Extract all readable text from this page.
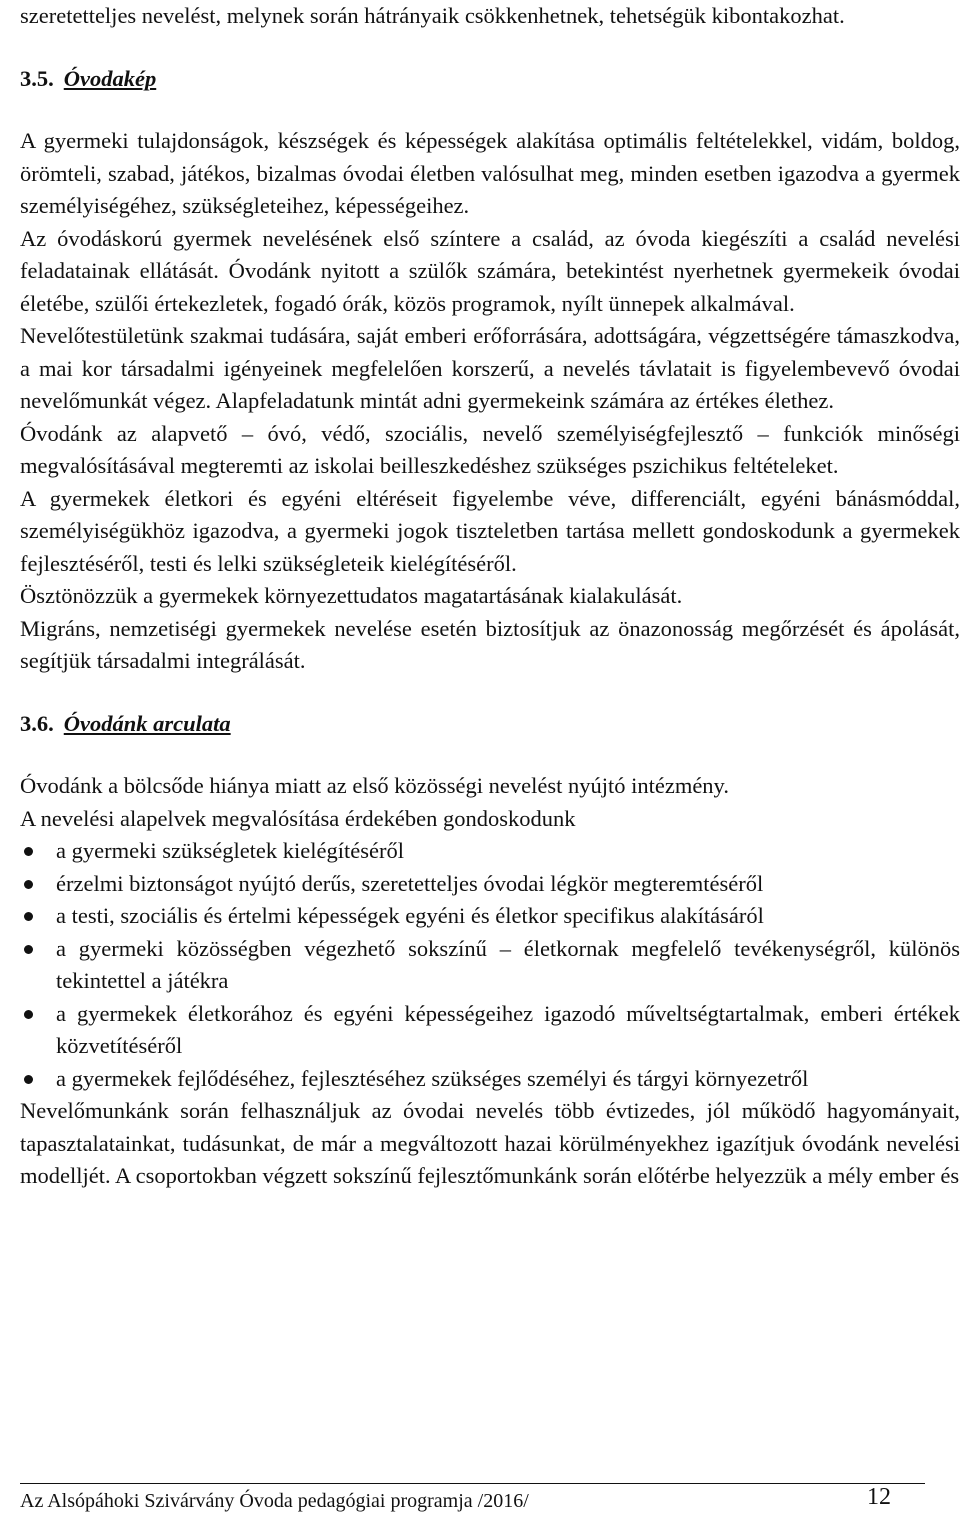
szeretetteljes nevelést, melynek során hátrányaik csökkenhetnek, tehetségük kibontakozhat.

3.5. Óvodakép

A gyermeki tulajdonságok, készségek és képességek alakítása optimális feltételekkel, vidám, boldog, örömteli, szabad, játékos, bizalmas óvodai életben valósulhat meg, minden esetben igazodva a gyermek személyiségéhez, szükségleteihez, képességeihez.

Az óvodáskorú gyermek nevelésének első színtere a család, az óvoda kiegészíti a család nevelési feladatainak ellátását. Óvodánk nyitott a szülők számára, betekintést nyerhetnek gyermekeik óvodai életébe, szülői értekezletek, fogadó órák, közös programok, nyílt ünnepek alkalmával.

Nevelőtestületünk szakmai tudására, saját emberi erőforrására, adottságára, végzettségére támaszkodva, a mai kor társadalmi igényeinek megfelelően korszerű, a nevelés távlatait is figyelembevevő óvodai nevelőmunkát végez. Alapfeladatunk mintát adni gyermekeink számára az értékes élethez.

Óvodánk az alapvető – óvó, védő, szociális, nevelő személyiségfejlesztő – funkciók minőségi megvalósításával megteremti az iskolai beilleszkedéshez szükséges pszichikus feltételeket.

A gyermekek életkori és egyéni eltéréseit figyelembe véve, differenciált, egyéni bánásmóddal, személyiségükhöz igazodva, a gyermeki jogok tiszteletben tartása mellett gondoskodunk a gyermekek fejlesztéséről, testi és lelki szükségleteik kielégítéséről.

Ösztönözzük a gyermekek környezettudatos magatartásának kialakulását.

Migráns, nemzetiségi gyermekek nevelése esetén biztosítjuk az önazonosság megőrzését és ápolását, segítjük társadalmi integrálását.

3.6. Óvodánk arculata

Óvodánk a bölcsőde hiánya miatt az első közösségi nevelést nyújtó intézmény.

A nevelési alapelvek megvalósítása érdekében gondoskodunk

a gyermeki szükségletek kielégítéséről
érzelmi biztonságot nyújtó derűs, szeretetteljes óvodai légkör megteremtéséről
a testi, szociális és értelmi képességek egyéni és életkor specifikus alakításáról
a gyermeki közösségben végezhető sokszínű – életkornak megfelelő tevékenységről, különös tekintettel a játékra
a gyermekek életkorához és egyéni képességeihez igazodó műveltségtartalmak, emberi értékek közvetítéséről
a gyermekek fejlődéséhez, fejlesztéséhez szükséges személyi és tárgyi környezetről

Nevelőmunkánk során felhasználjuk az óvodai nevelés több évtizedes, jól működő hagyományait, tapasztalatainkat, tudásunkat, de már a megváltozott hazai körülményekhez igazítjuk óvodánk nevelési modelljét. A csoportokban végzett sokszínű fejlesztőmunkánk során előtérbe helyezzük a mély ember és

Az Alsópáhoki Szivárvány Óvoda pedagógiai programja /2016/	12
